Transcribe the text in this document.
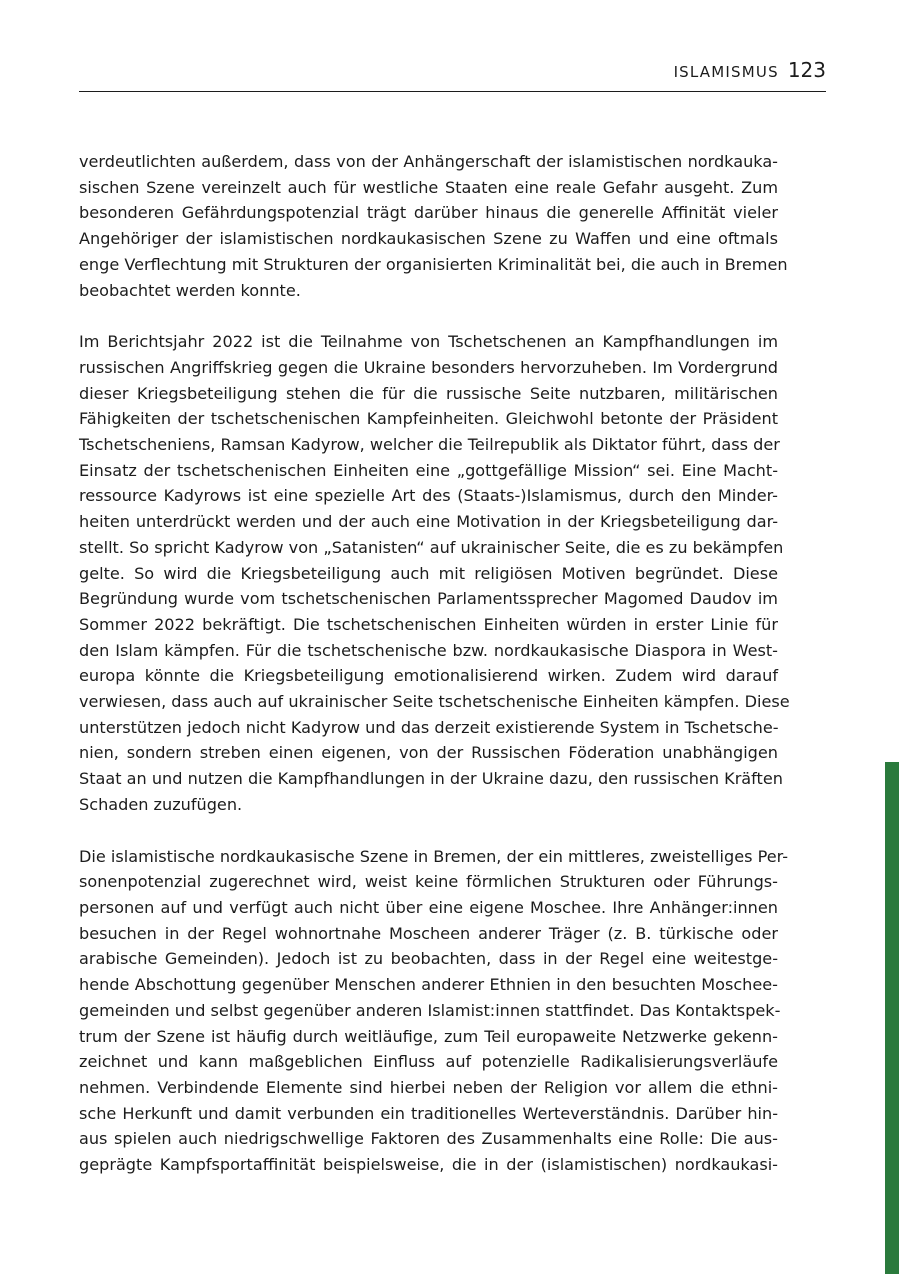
ISLAMISMUS 123

verdeutlichten außerdem, dass von der Anhängerschaft der islamistischen nordkauka-
sischen Szene vereinzelt auch für westliche Staaten eine reale Gefahr ausgeht. Zum
besonderen Gefährdungspotenzial trägt darüber hinaus die generelle Affinität vieler
Angehöriger der islamistischen nordkaukasischen Szene zu Waffen und eine oftmals
enge Verflechtung mit Strukturen der organisierten Kriminalität bei, die auch in Bremen
beobachtet werden konnte.

Im Berichtsjahr 2022 ist die Teilnahme von Tschetschenen an Kampfhandlungen im
russischen Angriffskrieg gegen die Ukraine besonders hervorzuheben. Im Vordergrund
dieser Kriegsbeteiligung stehen die für die russische Seite nutzbaren, militärischen
Fähigkeiten der tschetschenischen Kampfeinheiten. Gleichwohl betonte der Präsident
Tschetscheniens, Ramsan Kadyrow, welcher die Teilrepublik als Diktator führt, dass der
Einsatz der tschetschenischen Einheiten eine „gottgefällige Mission“ sei. Eine Macht-
ressource Kadyrows ist eine spezielle Art des (Staats-)Islamismus, durch den Minder-
heiten unterdrückt werden und der auch eine Motivation in der Kriegsbeteiligung dar-
stellt. So spricht Kadyrow von „Satanisten“ auf ukrainischer Seite, die es zu bekämpfen
gelte. So wird die Kriegsbeteiligung auch mit religiösen Motiven begründet. Diese
Begründung wurde vom tschetschenischen Parlamentssprecher Magomed Daudov im
Sommer 2022 bekräftigt. Die tschetschenischen Einheiten würden in erster Linie für
den Islam kämpfen. Für die tschetschenische bzw. nordkaukasische Diaspora in West-
europa könnte die Kriegsbeteiligung emotionalisierend wirken. Zudem wird darauf
verwiesen, dass auch auf ukrainischer Seite tschetschenische Einheiten kämpfen. Diese
unterstützen jedoch nicht Kadyrow und das derzeit existierende System in Tschetsche-
nien, sondern streben einen eigenen, von der Russischen Föderation unabhängigen
Staat an und nutzen die Kampfhandlungen in der Ukraine dazu, den russischen Kräften
Schaden zuzufügen.

Die islamistische nordkaukasische Szene in Bremen, der ein mittleres, zweistelliges Per-
sonenpotenzial zugerechnet wird, weist keine förmlichen Strukturen oder Führungs-
personen auf und verfügt auch nicht über eine eigene Moschee. Ihre Anhänger:innen
besuchen in der Regel wohnortnahe Moscheen anderer Träger (z. B. türkische oder
arabische Gemeinden). Jedoch ist zu beobachten, dass in der Regel eine weitestge-
hende Abschottung gegenüber Menschen anderer Ethnien in den besuchten Moschee-
gemeinden und selbst gegenüber anderen Islamist:innen stattfindet. Das Kontaktspek-
trum der Szene ist häufig durch weitläufige, zum Teil europaweite Netzwerke gekenn-
zeichnet und kann maßgeblichen Einfluss auf potenzielle Radikalisierungsverläufe
nehmen. Verbindende Elemente sind hierbei neben der Religion vor allem die ethni-
sche Herkunft und damit verbunden ein traditionelles Werteverständnis. Darüber hin-
aus spielen auch niedrigschwellige Faktoren des Zusammenhalts eine Rolle: Die aus-
geprägte Kampfsportaffinität beispielsweise, die in der (islamistischen) nordkaukasi-
